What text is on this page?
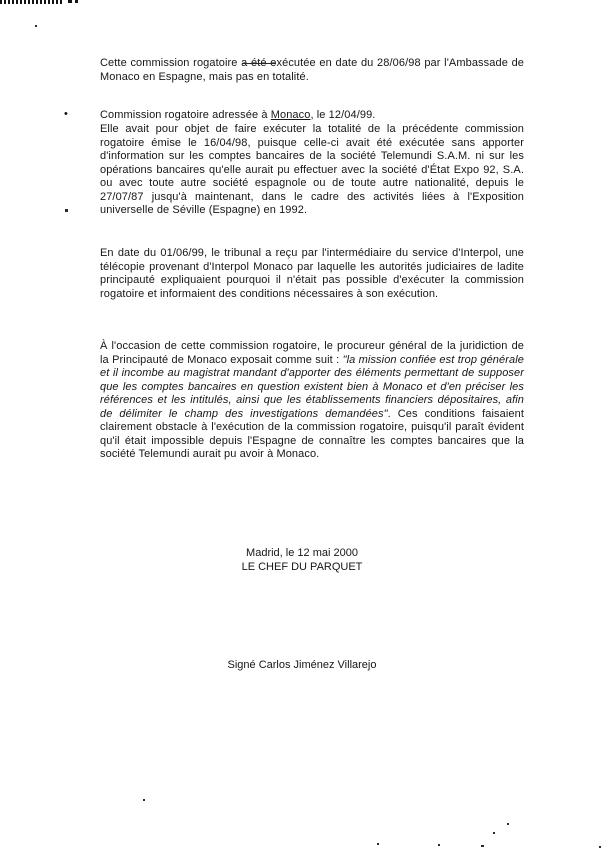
Cette commission rogatoire a été exécutée en date du 28/06/98 par l'Ambassade de Monaco en Espagne, mais pas en totalité.
•	Commission rogatoire adressée à Monaco, le 12/04/99.
Elle avait pour objet de faire exécuter la totalité de la précédente commission rogatoire émise le 16/04/98, puisque celle-ci avait été exécutée sans apporter d'information sur les comptes bancaires de la société Telemundi S.A.M. ni sur les opérations bancaires qu'elle aurait pu effectuer avec la société d'État Expo 92, S.A. ou avec toute autre société espagnole ou de toute autre nationalité, depuis le 27/07/87 jusqu'à maintenant, dans le cadre des activités liées à l'Exposition universelle de Séville (Espagne) en 1992.
En date du 01/06/99, le tribunal a reçu par l'intermédiaire du service d'Interpol, une télécopie provenant d'Interpol Monaco par laquelle les autorités judiciaires de ladite principauté expliquaient pourquoi il n'était pas possible d'exécuter la commission rogatoire et informaient des conditions nécessaires à son exécution.
À l'occasion de cette commission rogatoire, le procureur général de la juridiction de la Principauté de Monaco exposait comme suit : "la mission confiée est trop générale et il incombe au magistrat mandant d'apporter des éléments permettant de supposer que les comptes bancaires en question existent bien à Monaco et d'en préciser les références et les intitulés, ainsi que les établissements financiers dépositaires, afin de délimiter le champ des investigations demandées". Ces conditions faisaient clairement obstacle à l'exécution de la commission rogatoire, puisqu'il paraît évident qu'il était impossible depuis l'Espagne de connaître les comptes bancaires que la société Telemundi aurait pu avoir à Monaco.
Madrid, le 12 mai 2000
LE CHEF DU PARQUET
Signé Carlos Jiménez Villarejo
